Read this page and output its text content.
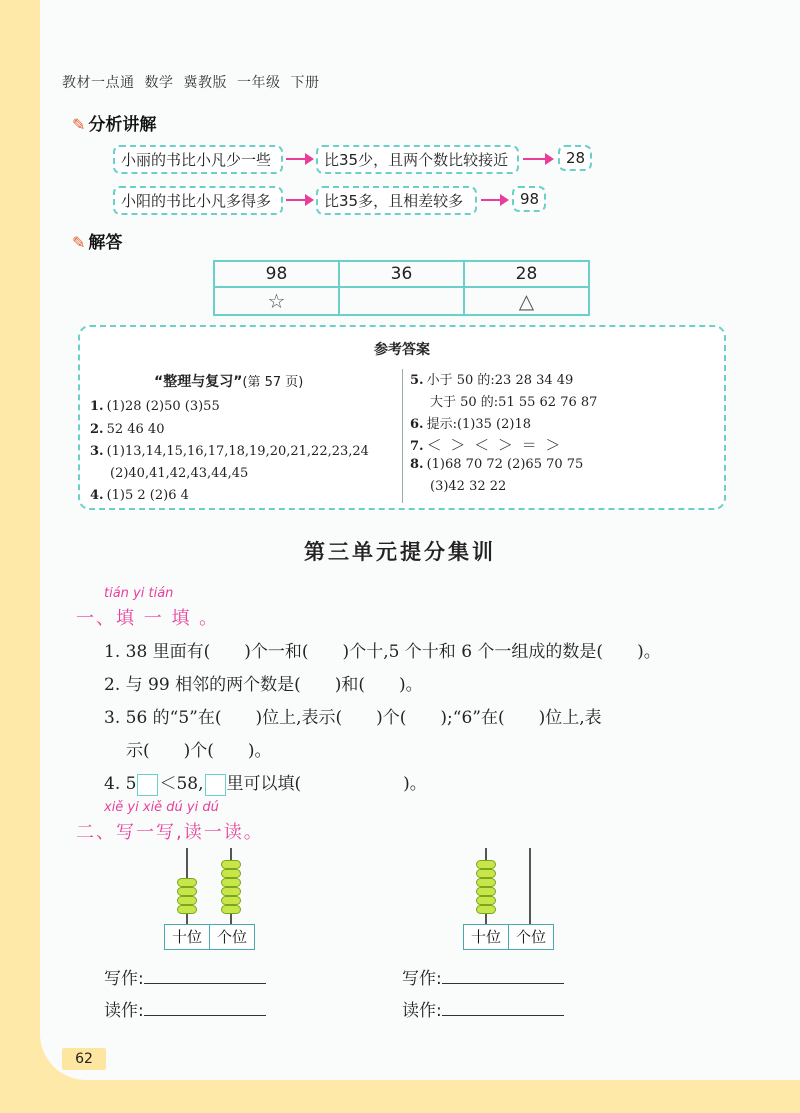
教材一点通 数学 冀教版 一年级 下册
✎ 分析讲解
小丽的书比小凡少一些	比35少，且两个数比较接近	28
小阳的书比小凡多得多	比35多，且相差较多	98
✎ 解答
98	36	28
☆		△
参考答案
“整理与复习”(第 57 页)
1. (1)28 (2)50 (3)55
2. 52 46 40
3. (1)13,14,15,16,17,18,19,20,21,22,23,24
(2)40,41,42,43,44,45
4. (1)5 2 (2)6 4
5. 小于 50 的:23 28 34 49
大于 50 的:51 55 62 76 87
6. 提示:(1)35 (2)18
7. ＜ ＞ ＜ ＞ ＝ ＞
8. (1)68 70 72 (2)65 70 75
(3)42 32 22
第三单元提分集训
tián yi tián
一、填 一 填 。
1. 38 里面有(　　)个一和(　　)个十,5 个十和 6 个一组成的数是(　　)。
2. 与 99 相邻的两个数是(　　)和(　　)。
3. 56 的“5”在(　　)位上,表示(　　)个(　　);“6”在(　　)位上,表
示(　　)个(　　)。
4. 5 ＜58, 里可以填(　　　　　　)。
xiě yi xiě dú yi dú
二、写一写,读一读。
十位 个位	十位 个位
写作:
读作:
写作:
读作:
62
